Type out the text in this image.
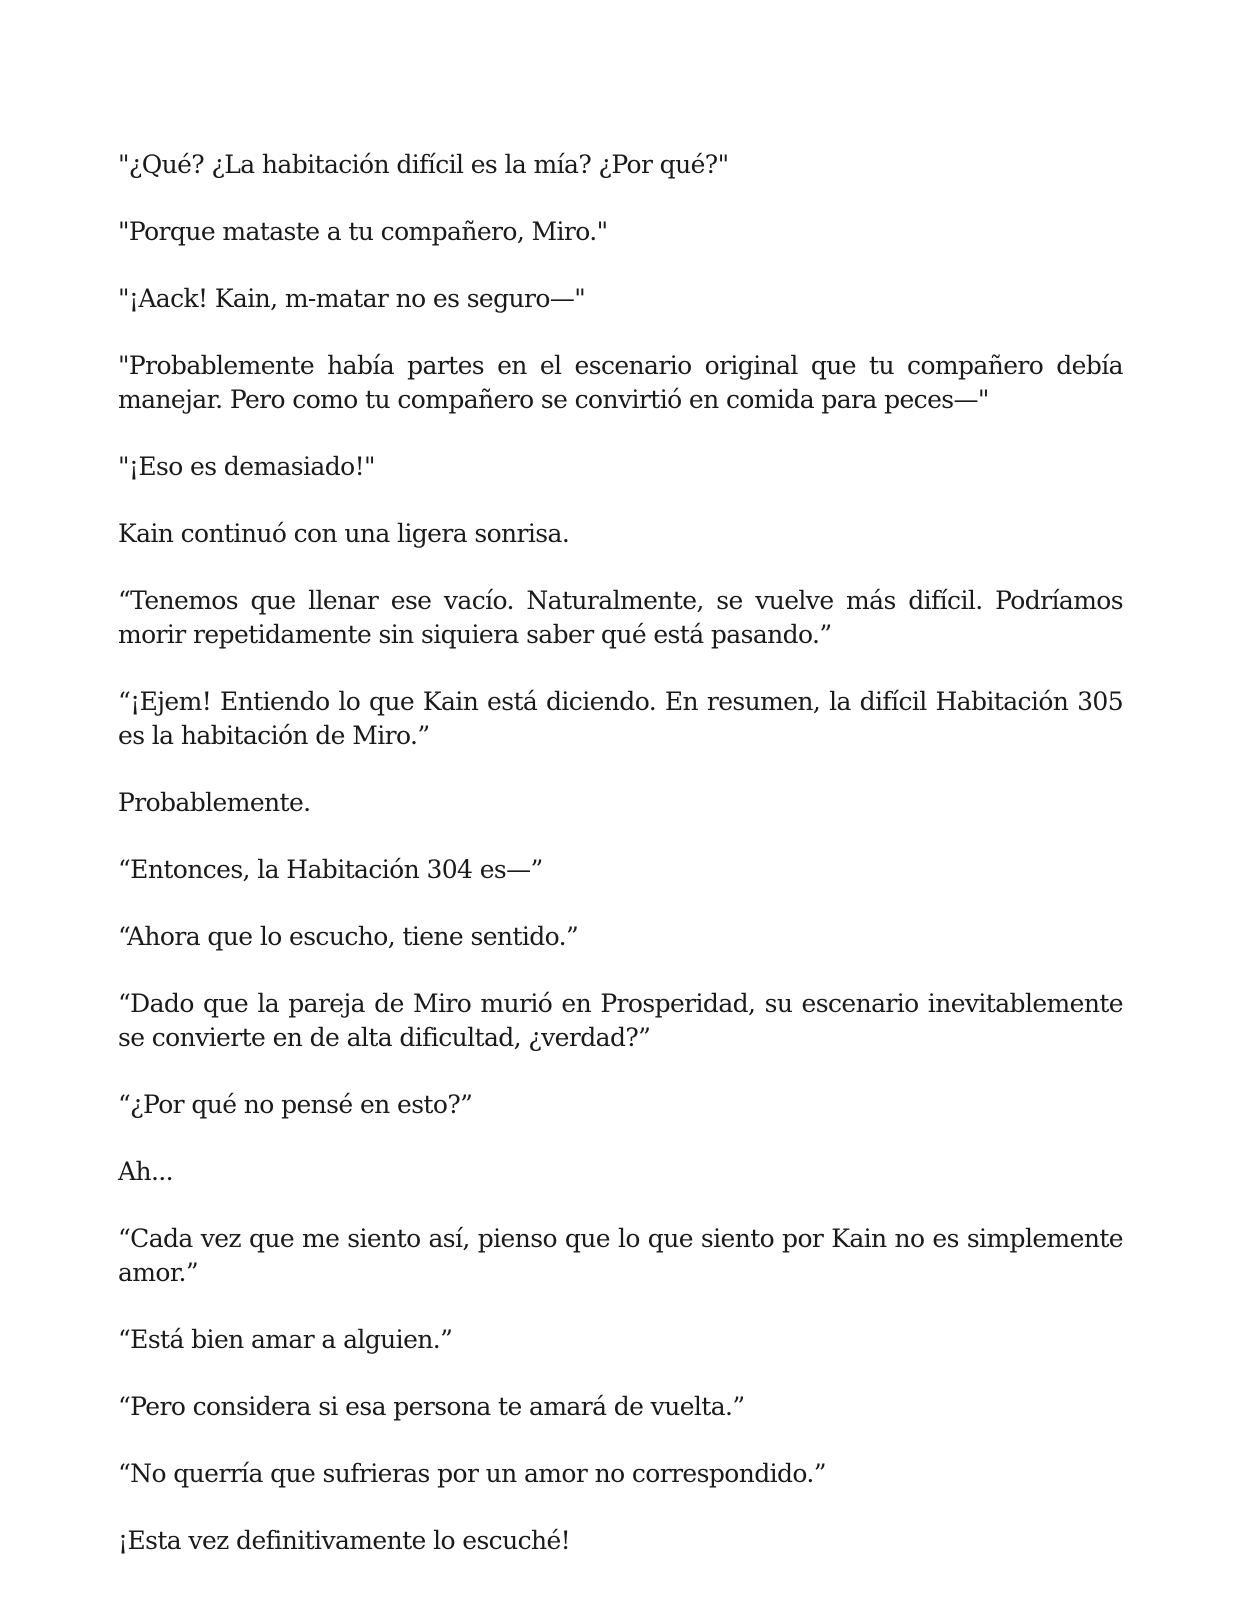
"¿Qué? ¿La habitación difícil es la mía? ¿Por qué?"

"Porque mataste a tu compañero, Miro."

"¡Aack! Kain, m-matar no es seguro—"

"Probablemente había partes en el escenario original que tu compañero debía manejar. Pero como tu compañero se convirtió en comida para peces—"

"¡Eso es demasiado!"

Kain continuó con una ligera sonrisa.

“Tenemos que llenar ese vacío. Naturalmente, se vuelve más difícil. Podríamos morir repetidamente sin siquiera saber qué está pasando.”

“¡Ejem! Entiendo lo que Kain está diciendo. En resumen, la difícil Habitación 305 es la habitación de Miro.”

Probablemente.

“Entonces, la Habitación 304 es—”

“Ahora que lo escucho, tiene sentido.”

“Dado que la pareja de Miro murió en Prosperidad, su escenario inevitablemente se convierte en de alta dificultad, ¿verdad?”

“¿Por qué no pensé en esto?”

Ah...

“Cada vez que me siento así, pienso que lo que siento por Kain no es simplemente amor.”

“Está bien amar a alguien.”

“Pero considera si esa persona te amará de vuelta.”

“No querría que sufrieras por un amor no correspondido.”

¡Esta vez definitivamente lo escuché!
